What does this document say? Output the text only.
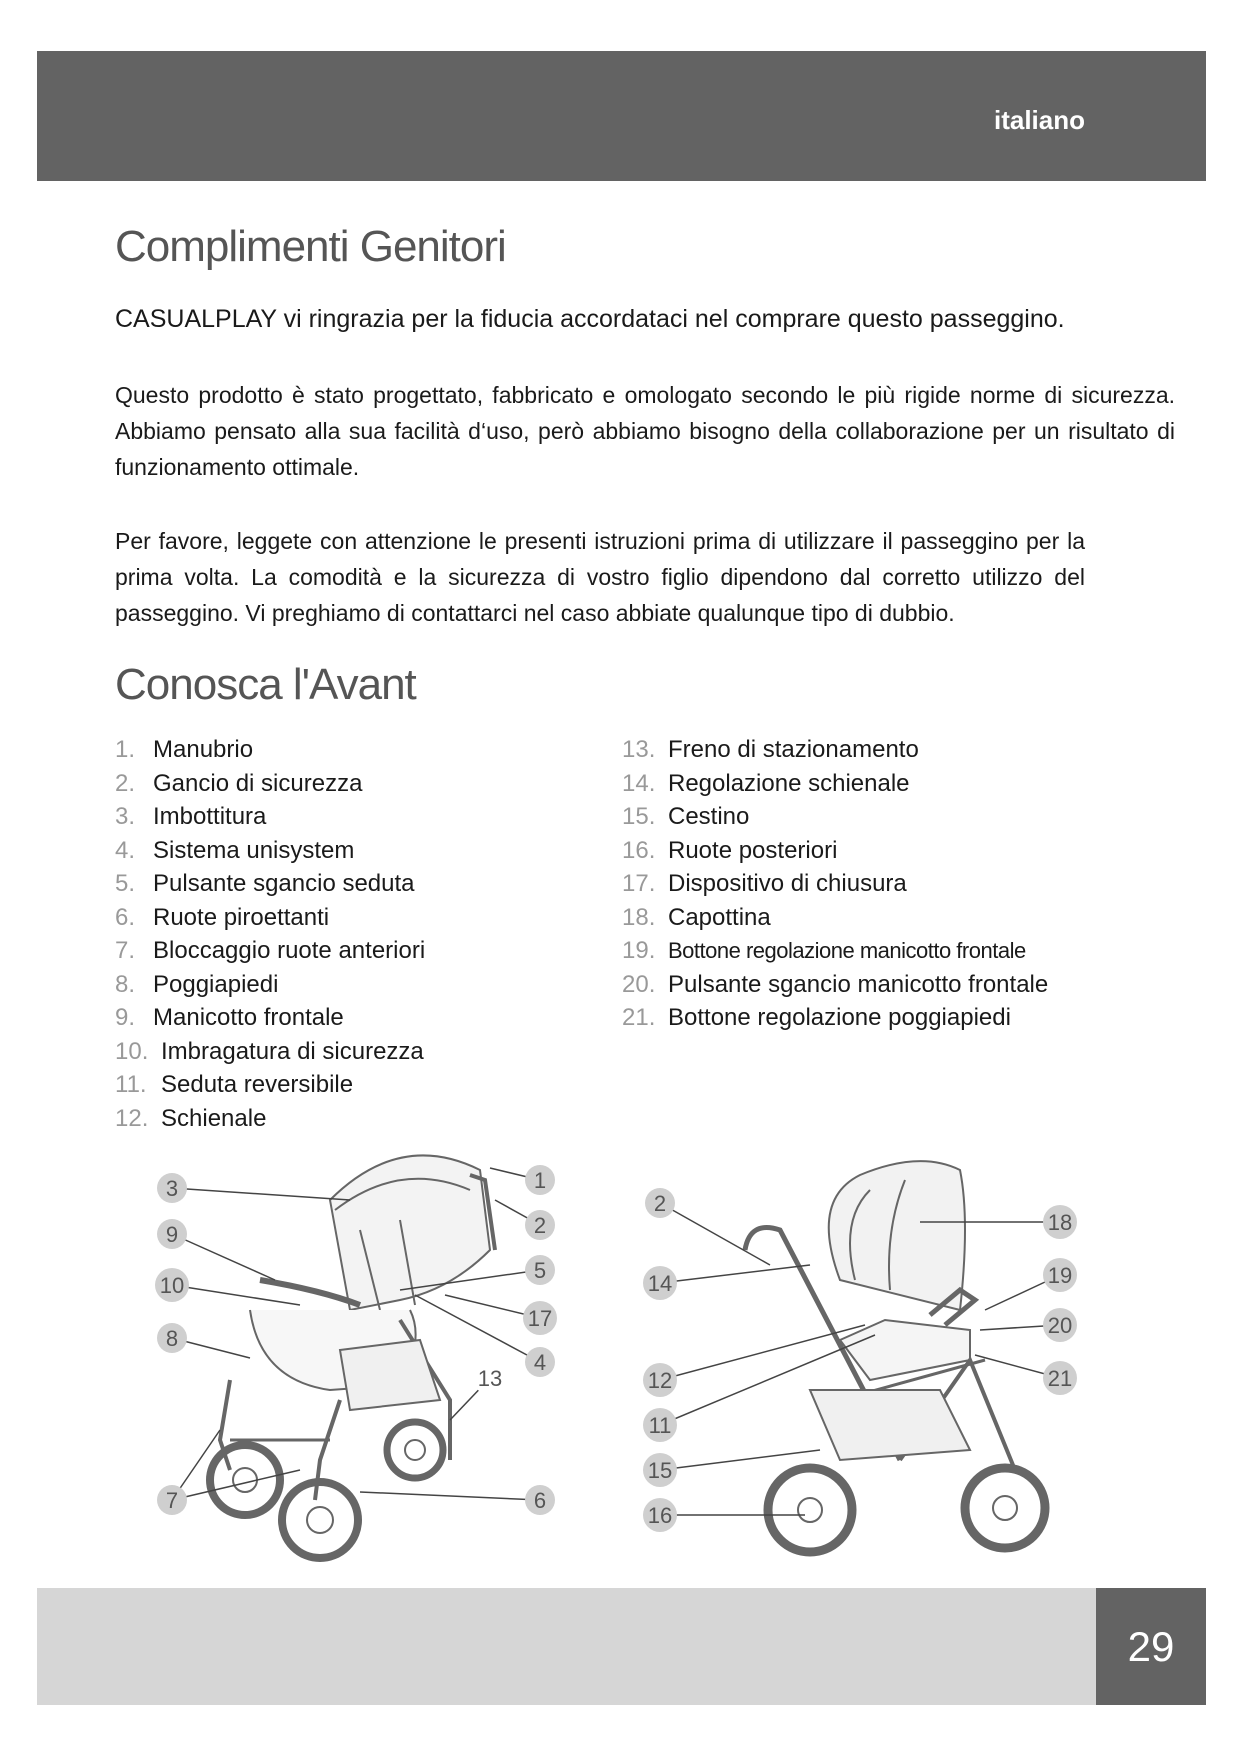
italiano
Complimenti Genitori
CASUALPLAY vi ringrazia per la fiducia accordataci nel comprare questo passeggino.
Questo prodotto è stato progettato, fabbricato e omologato secondo le più rigide norme di sicurezza. Abbiamo pensato alla sua facilità d‘uso, però abbiamo bisogno della collaborazione per un risultato di funzionamento ottimale.
Per favore, leggete con attenzione le presenti istruzioni prima di utilizzare il passeggino per la prima volta. La comodità e la sicurezza di vostro figlio dipendono dal corretto utilizzo del passeggino. Vi preghiamo di contattarci nel caso abbiate qualunque tipo di dubbio.
Conosca l'Avant
1. Manubrio
2. Gancio di sicurezza
3. Imbottitura
4. Sistema unisystem
5. Pulsante sgancio seduta
6. Ruote piroettanti
7. Bloccaggio ruote anteriori
8. Poggiapiedi
9. Manicotto frontale
10. Imbragatura di sicurezza
11. Seduta reversibile
12. Schienale
13. Freno di stazionamento
14. Regolazione schienale
15. Cestino
16. Ruote posteriori
17. Dispositivo di chiusura
18. Capottina
19. Bottone regolazione manicotto frontale
20. Pulsante sgancio manicotto frontale
21. Bottone regolazione poggiapiedi
3
9
10
8
7
1
2
5
17
4
13
6
2
14
12
11
15
16
18
19
20
21
29
